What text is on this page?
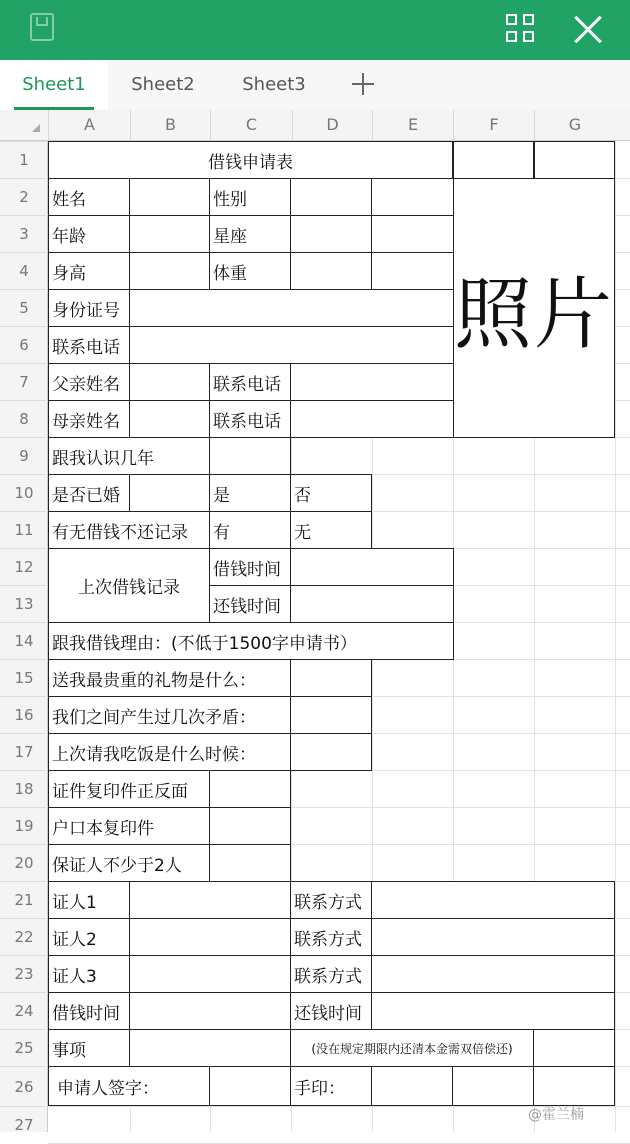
Sheet1	Sheet2	Sheet3
A	B	C	D	E	F	G
1
2
3
4
5
6
7
8
9
10
11
12
13
14
15
16
17
18
19
20
21
22
23
24
25
26
27
借钱申请表
姓名	性别
照片
年龄	星座
身高	体重
身份证号
联系电话
父亲姓名	联系电话
母亲姓名	联系电话
跟我认识几年
是否已婚	是	否
有无借钱不还记录	有	无
上次借钱记录
借钱时间
还钱时间
跟我借钱理由：(不低于1500字申请书）
送我最贵重的礼物是什么：
我们之间产生过几次矛盾：
上次请我吃饭是什么时候：
证件复印件正反面
户口本复印件
保证人不少于2人
证人1	联系方式
证人2	联系方式
证人3	联系方式
借钱时间	还钱时间
事项	(没在规定期限内还清本金需双倍偿还)
申请人签字：	手印：
@霍兰楠
